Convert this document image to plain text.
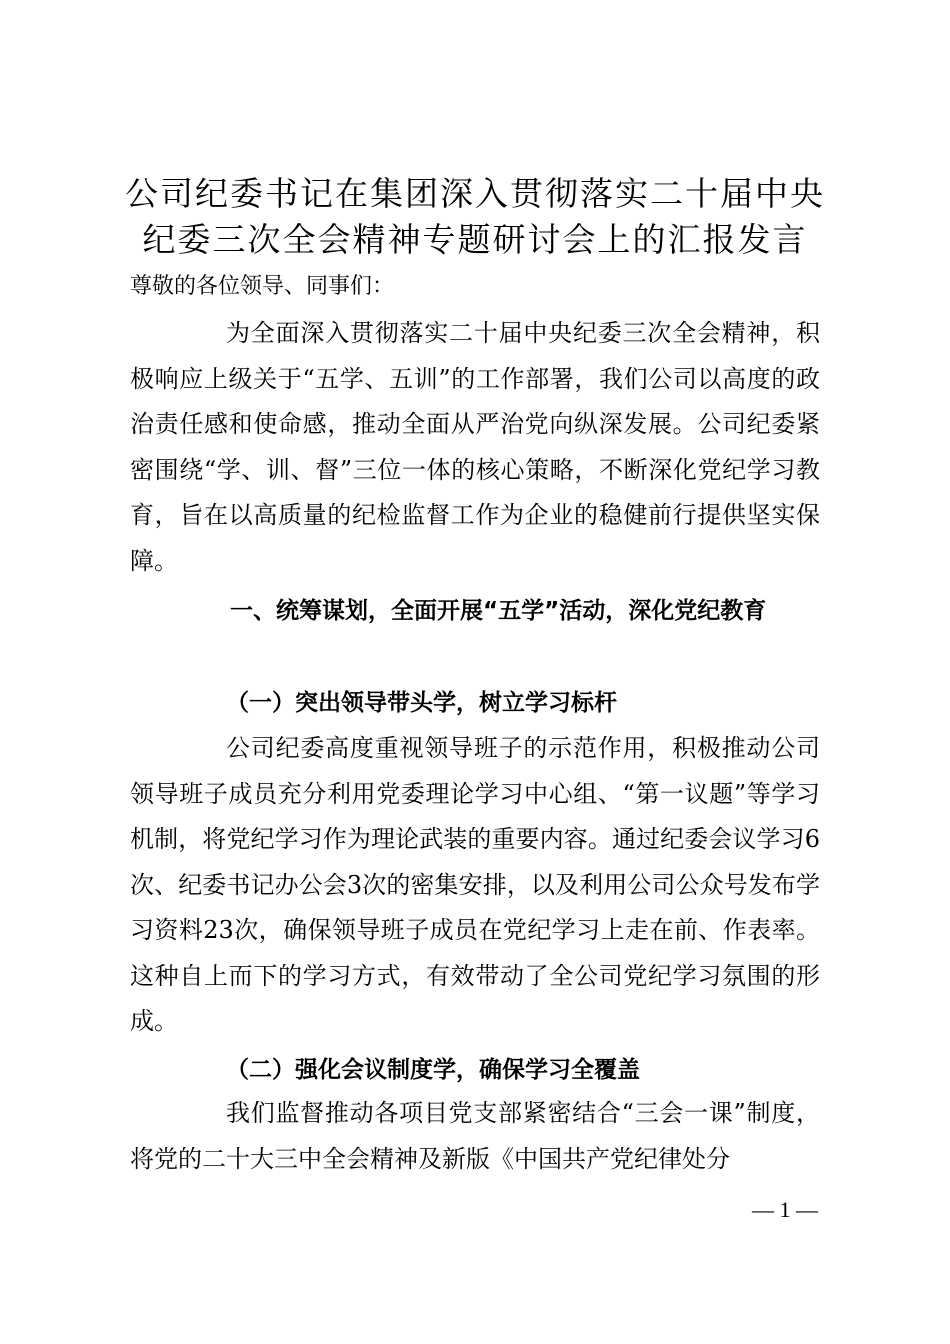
公司纪委书记在集团深入贯彻落实二十届中央
纪委三次全会精神专题研讨会上的汇报发言

尊敬的各位领导、同事们：

为全面深入贯彻落实二十届中央纪委三次全会精神，积极响应上级关于“五学、五训”的工作部署，我们公司以高度的政治责任感和使命感，推动全面从严治党向纵深发展。公司纪委紧密围绕“学、训、督”三位一体的核心策略，不断深化党纪学习教育，旨在以高质量的纪检监督工作为企业的稳健前行提供坚实保障。

一、统筹谋划，全面开展“五学”活动，深化党纪教育
（一）突出领导带头学，树立学习标杆

公司纪委高度重视领导班子的示范作用，积极推动公司领导班子成员充分利用党委理论学习中心组、“第一议题”等学习机制，将党纪学习作为理论武装的重要内容。通过纪委会议学习6次、纪委书记办公会3次的密集安排，以及利用公司公众号发布学习资料23次，确保领导班子成员在党纪学习上走在前、作表率。这种自上而下的学习方式，有效带动了全公司党纪学习氛围的形成。

（二）强化会议制度学，确保学习全覆盖

我们监督推动各项目党支部紧密结合“三会一课”制度，将党的二十大三中全会精神及新版《中国共产党纪律处分

— 1 —
